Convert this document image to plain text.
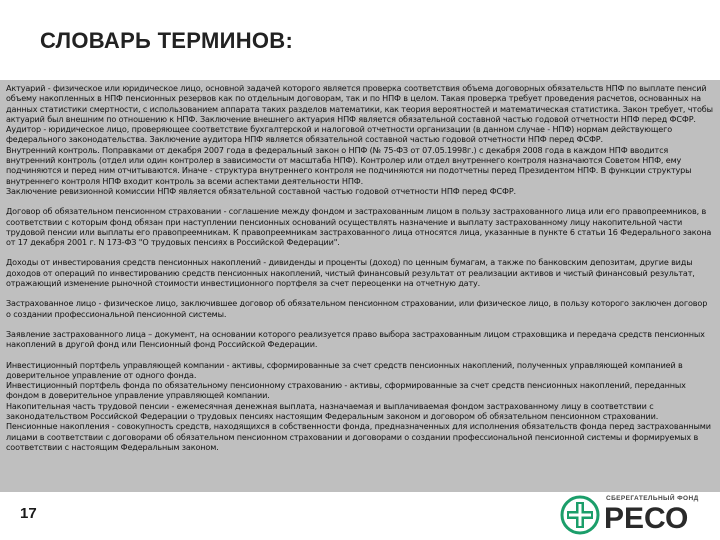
СЛОВАРЬ ТЕРМИНОВ:

Актуарий - физическое или юридическое лицо, основной задачей которого является проверка соответствия объема договорных обязательств НПФ по выплате пенсий объему накопленных в НПФ пенсионных резервов как по отдельным договорам, так и по НПФ в целом. Такая проверка требует проведения расчетов, основанных на данных статистики смертности, с использованием аппарата таких разделов математики, как теория вероятностей и математическая статистика. Закон требует, чтобы актуарий был внешним по отношению к НПФ. Заключение внешнего актуария НПФ является обязательной составной частью годовой отчетности НПФ перед ФСФР.

Аудитор - юридическое лицо, проверяющее соответствие бухгалтерской и налоговой отчетности организации (в данном случае - НПФ) нормам действующего федерального законодательства. Заключение аудитора НПФ является обязательной составной частью годовой отчетности НПФ перед ФСФР.

Внутренний контроль. Поправками от декабря 2007 года в федеральный закон о НПФ (№ 75-ФЗ от 07.05.1998г.) с декабря 2008 года в каждом НПФ вводится внутренний контроль (отдел или один контролер в зависимости от масштаба НПФ). Контролер или отдел внутреннего контроля назначаются Советом НПФ, ему подчиняются и перед ним отчитываются. Иначе - структура внутреннего контроля не подчиняются ни подотчетны перед Президентом НПФ. В функции структуры внутреннего контроля НПФ входит контроль за всеми аспектами деятельности НПФ.

Заключение ревизионной комиссии НПФ является обязательной составной частью годовой отчетности НПФ перед ФСФР.

Договор об обязательном пенсионном страховании - соглашение между фондом и застрахованным лицом в пользу застрахованного лица или его правопреемников, в соответствии с которым фонд обязан при наступлении пенсионных оснований осуществлять назначение и выплату застрахованному лицу накопительной части трудовой пенсии или выплаты его правопреемникам. К правопреемникам застрахованного лица относятся лица, указанные в пункте 6 статьи 16 Федерального закона от 17 декабря 2001 г. N 173-ФЗ "О трудовых пенсиях в Российской Федерации".

Доходы от инвестирования средств пенсионных накоплений - дивиденды и проценты (доход) по ценным бумагам, а также по банковским депозитам, другие виды доходов от операций по инвестированию средств пенсионных накоплений, чистый финансовый результат от реализации активов и чистый финансовый результат, отражающий изменение рыночной стоимости инвестиционного портфеля за счет переоценки на отчетную дату.

Застрахованное лицо - физическое лицо, заключившее договор об обязательном пенсионном страховании, или физическое лицо, в пользу которого заключен договор о создании профессиональной пенсионной системы.

Заявление застрахованного лица – документ, на основании которого реализуется право выбора застрахованным лицом страховщика и передача средств пенсионных накоплений в другой фонд или Пенсионный фонд Российской Федерации.

Инвестиционный портфель управляющей компании - активы, сформированные за счет средств пенсионных накоплений, полученных управляющей компанией в доверительное управление от одного фонда.

Инвестиционный портфель фонда по обязательному пенсионному страхованию - активы, сформированные за счет средств пенсионных накоплений, переданных фондом в доверительное управление управляющей компании.

Накопительная часть трудовой пенсии - ежемесячная денежная выплата, назначаемая и выплачиваемая фондом застрахованному лицу в соответствии с законодательством Российской Федерации о трудовых пенсиях настоящим Федеральным законом и договором об обязательном пенсионном страховании.

Пенсионные накопления - совокупность средств, находящихся в собственности фонда, предназначенных для исполнения обязательств фонда перед застрахованными лицами в соответствии с договорами об обязательном пенсионном страховании и договорами о создании профессиональной пенсионной системы и формируемых в соответствии с настоящим Федеральным законом.

17
СБЕРЕГАТЕЛЬНЫЙ ФОНД
РЕСО
